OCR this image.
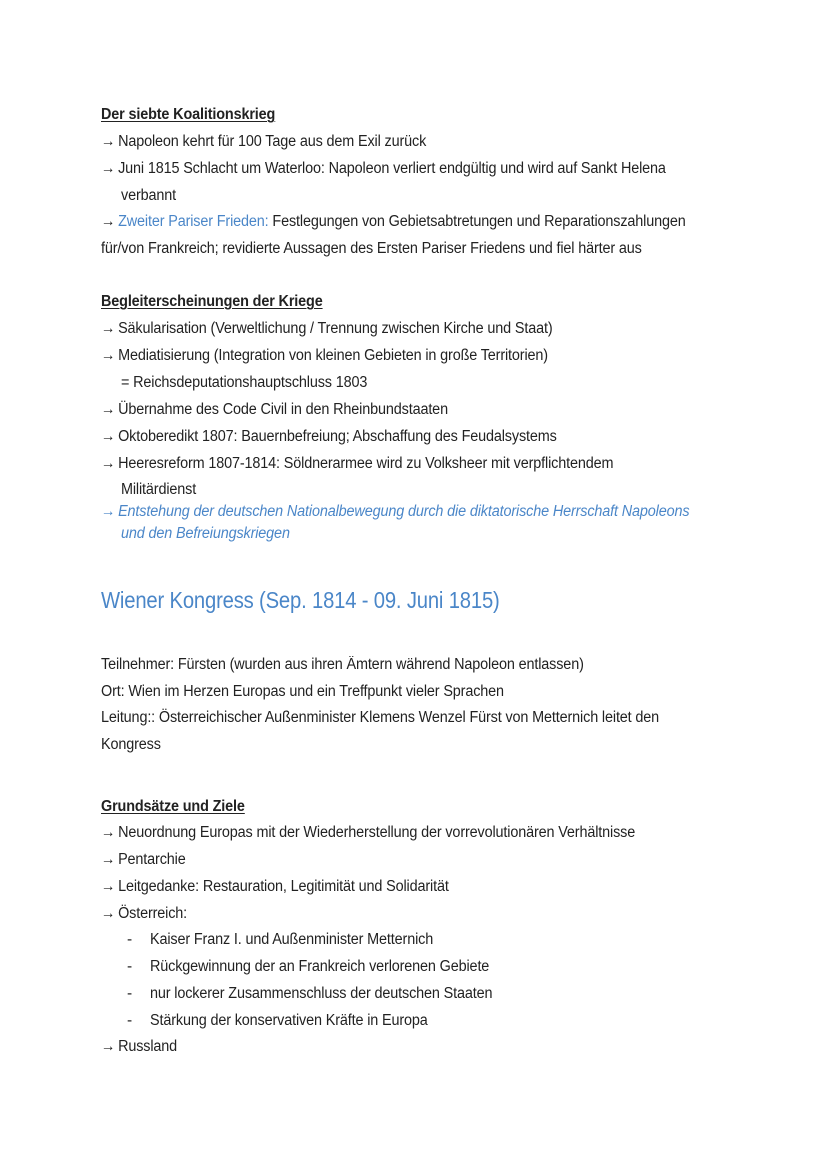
Der siebte Koalitionskrieg
→ Napoleon kehrt für 100 Tage aus dem Exil zurück
→ Juni 1815 Schlacht um Waterloo: Napoleon verliert endgültig und wird auf Sankt Helena
verbannt
→ Zweiter Pariser Frieden: Festlegungen von Gebietsabtretungen und Reparationszahlungen
für/von Frankreich; revidierte Aussagen des Ersten Pariser Friedens und fiel härter aus
Begleiterscheinungen der Kriege
→ Säkularisation (Verweltlichung / Trennung zwischen Kirche und Staat)
→ Mediatisierung (Integration von kleinen Gebieten in große Territorien)
= Reichsdeputationshauptschluss 1803
→ Übernahme des Code Civil in den Rheinbundstaaten
→ Oktoberedikt 1807: Bauernbefreiung; Abschaffung des Feudalsystems
→ Heeresreform 1807-1814: Söldnerarmee wird zu Volksheer mit verpflichtendem
Militärdienst
→ Entstehung der deutschen Nationalbewegung durch die diktatorische Herrschaft Napoleons
und den Befreiungskriegen
Wiener Kongress (Sep. 1814 - 09. Juni 1815)
Teilnehmer: Fürsten (wurden aus ihren Ämtern während Napoleon entlassen)
Ort: Wien im Herzen Europas und ein Treffpunkt vieler Sprachen
Leitung:: Österreichischer Außenminister Klemens Wenzel Fürst von Metternich leitet den
Kongress
Grundsätze und Ziele
→ Neuordnung Europas mit der Wiederherstellung der vorrevolutionären Verhältnisse
→ Pentarchie
→ Leitgedanke: Restauration, Legitimität und Solidarität
→ Österreich:
- Kaiser Franz I. und Außenminister Metternich
- Rückgewinnung der an Frankreich verlorenen Gebiete
- nur lockerer Zusammenschluss der deutschen Staaten
- Stärkung der konservativen Kräfte in Europa
→ Russland
